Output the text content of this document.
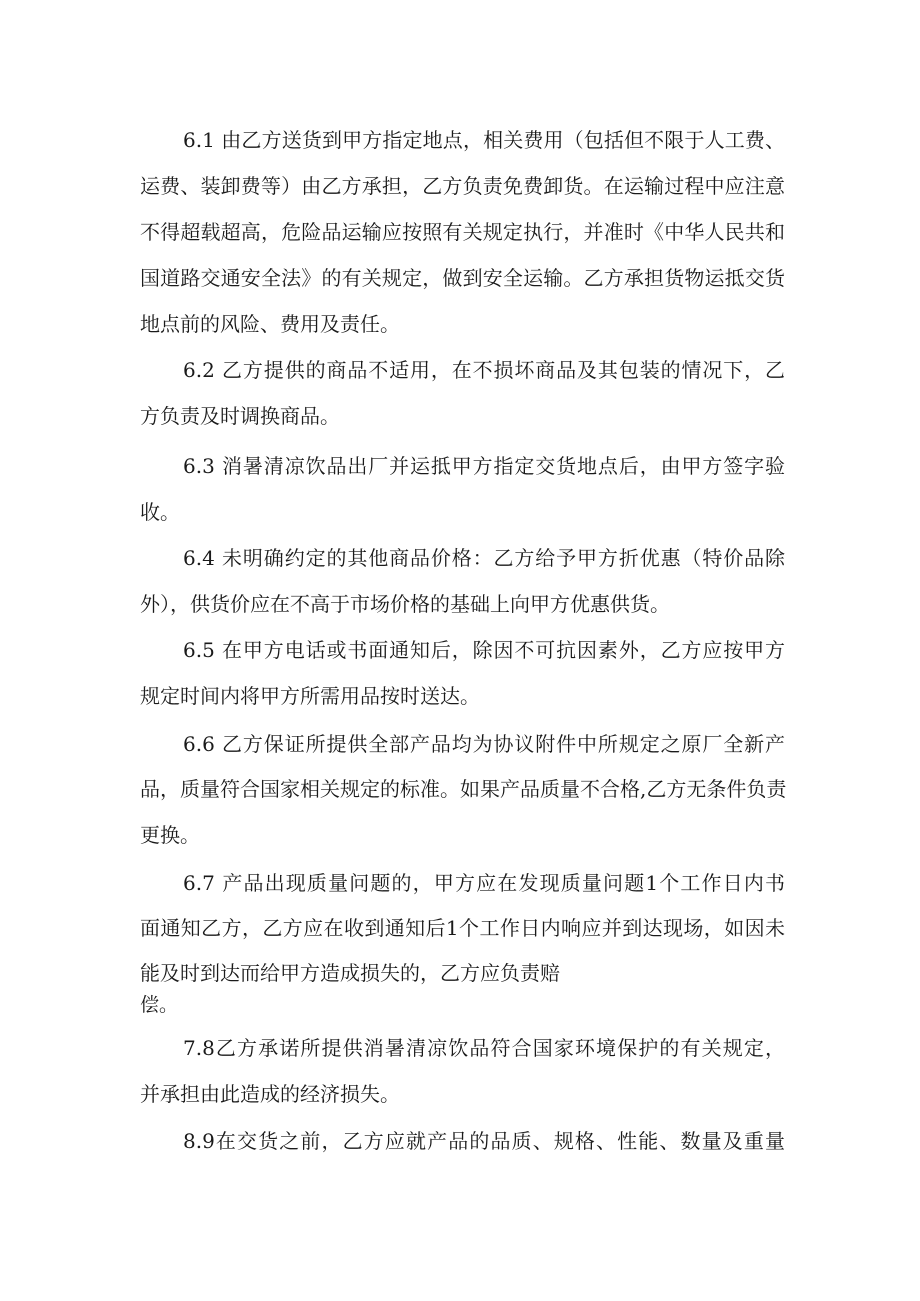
6.1 由乙方送货到甲方指定地点，相关费用（包括但不限于人工费、
运费、装卸费等）由乙方承担，乙方负责免费卸货。在运输过程中应注意
不得超载超高，危险品运输应按照有关规定执行，并准时《中华人民共和
国道路交通安全法》的有关规定，做到安全运输。乙方承担货物运抵交货
地点前的风险、费用及责任。
6.2 乙方提供的商品不适用，在不损坏商品及其包装的情况下，乙
方负责及时调换商品。
6.3 消暑清凉饮品出厂并运抵甲方指定交货地点后，由甲方签字验
收。
6.4 未明确约定的其他商品价格：乙方给予甲方折优惠（特价品除
外），供货价应在不高于市场价格的基础上向甲方优惠供货。
6.5 在甲方电话或书面通知后，除因不可抗因素外，乙方应按甲方
规定时间内将甲方所需用品按时送达。
6.6 乙方保证所提供全部产品均为协议附件中所规定之原厂全新产
品，质量符合国家相关规定的标准。如果产品质量不合格,乙方无条件负责
更换。
6.7 产品出现质量问题的，甲方应在发现质量问题1个工作日内书
面通知乙方，乙方应在收到通知后1个工作日内响应并到达现场，如因未
能及时到达而给甲方造成损失的，乙方应负责赔
偿。
7.8乙方承诺所提供消暑清凉饮品符合国家环境保护的有关规定，
并承担由此造成的经济损失。
8.9在交货之前，乙方应就产品的品质、规格、性能、数量及重量
